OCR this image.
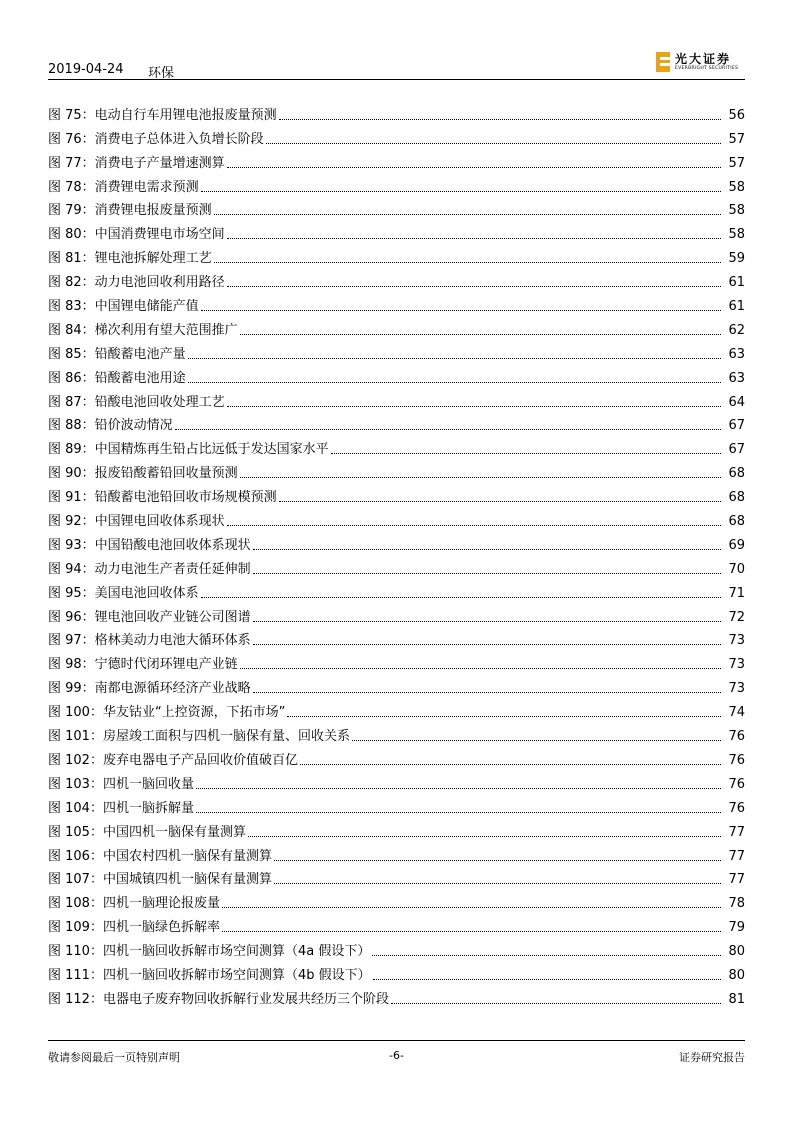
2019-04-24 环保
光大证券
EVERBRIGHT SECURITIES
图 75：电动自行车用锂电池报废量预测	56
图 76：消费电子总体进入负增长阶段	57
图 77：消费电子产量增速测算	57
图 78：消费锂电需求预测	58
图 79：消费锂电报废量预测	58
图 80：中国消费锂电市场空间	58
图 81：锂电池拆解处理工艺	59
图 82：动力电池回收利用路径	61
图 83：中国锂电储能产值	61
图 84：梯次利用有望大范围推广	62
图 85：铅酸蓄电池产量	63
图 86：铅酸蓄电池用途	63
图 87：铅酸电池回收处理工艺	64
图 88：铅价波动情况	67
图 89：中国精炼再生铅占比远低于发达国家水平	67
图 90：报废铅酸蓄铅回收量预测	68
图 91：铅酸蓄电池铅回收市场规模预测	68
图 92：中国锂电回收体系现状	68
图 93：中国铅酸电池回收体系现状	69
图 94：动力电池生产者责任延伸制	70
图 95：美国电池回收体系	71
图 96：锂电池回收产业链公司图谱	72
图 97：格林美动力电池大循环体系	73
图 98：宁德时代闭环锂电产业链	73
图 99：南都电源循环经济产业战略	73
图 100：华友钴业“上控资源，下拓市场”	74
图 101：房屋竣工面积与四机一脑保有量、回收关系	76
图 102：废弃电器电子产品回收价值破百亿	76
图 103：四机一脑回收量	76
图 104：四机一脑拆解量	76
图 105：中国四机一脑保有量测算	77
图 106：中国农村四机一脑保有量测算	77
图 107：中国城镇四机一脑保有量测算	77
图 108：四机一脑理论报废量	78
图 109：四机一脑绿色拆解率	79
图 110：四机一脑回收拆解市场空间测算（4a 假设下）	80
图 111：四机一脑回收拆解市场空间测算（4b 假设下）	80
图 112：电器电子废弃物回收拆解行业发展共经历三个阶段	81
敬请参阅最后一页特别声明	-6-	证券研究报告
